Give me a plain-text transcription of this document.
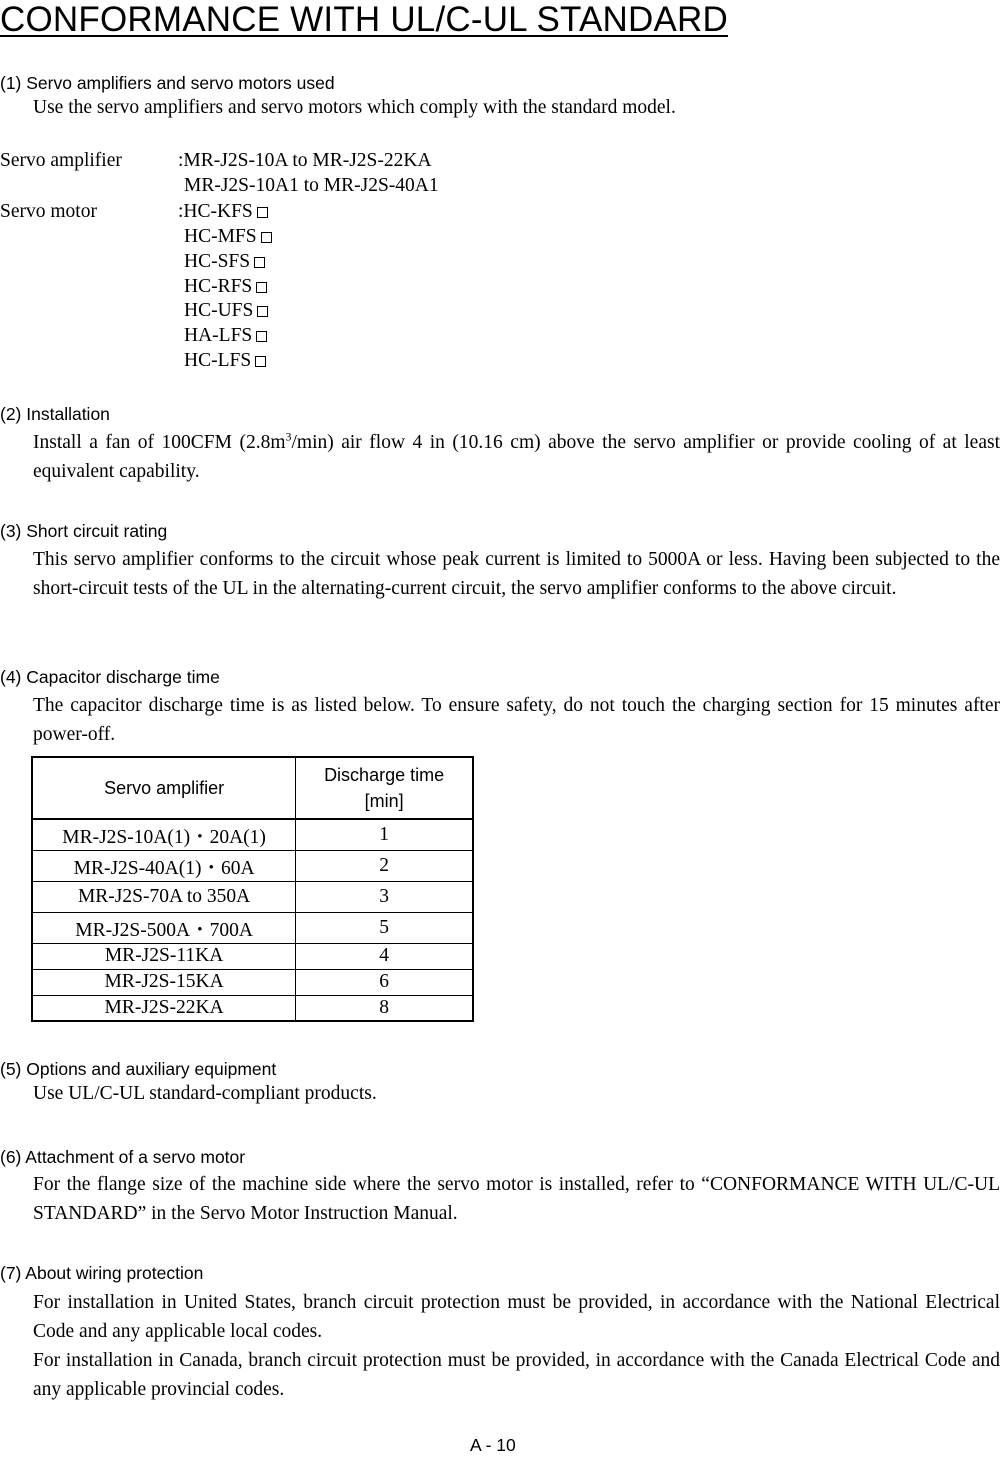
CONFORMANCE WITH UL/C-UL STANDARD
(1) Servo amplifiers and servo motors used
Use the servo amplifiers and servo motors which comply with the standard model.
Servo amplifier	:MR-J2S-10A to MR-J2S-22KA
MR-J2S-10A1 to MR-J2S-40A1
Servo motor	:HC-KFS
HC-MFS
HC-SFS
HC-RFS
HC-UFS
HA-LFS
HC-LFS
(2) Installation
Install a fan of 100CFM $(2.8m^3/\min)$ air flow 4 in (10.16 cm) above the servo amplifier or provide cooling of at least equivalent capability.
(3) Short circuit rating
This servo amplifier conforms to the circuit whose peak current is limited to 5000A or less. Having been subjected to the short-circuit tests of the UL in the alternating-current circuit, the servo amplifier conforms to the above circuit.
(4) Capacitor discharge time
The capacitor discharge time is as listed below. To ensure safety, do not touch the charging section for 15 minutes after power-off.
Servo amplifier	Discharge time
[min]
MR-J2S-10A(1)・20A(1)	1
MR-J2S-40A(1)・60A	2
MR-J2S-70A to 350A	3
MR-J2S-500A・700A	5
MR-J2S-11KA	4
MR-J2S-15KA	6
MR-J2S-22KA	8
(5) Options and auxiliary equipment
Use UL/C-UL standard-compliant products.
(6) Attachment of a servo motor
For the flange size of the machine side where the servo motor is installed, refer to “CONFORMANCE WITH UL/C-UL STANDARD” in the Servo Motor Instruction Manual.
(7) About wiring protection

For installation in United States, branch circuit protection must be provided, in accordance with the National Electrical Code and any applicable local codes.

For installation in Canada, branch circuit protection must be provided, in accordance with the Canada Electrical Code and any applicable provincial codes.

A - 10
